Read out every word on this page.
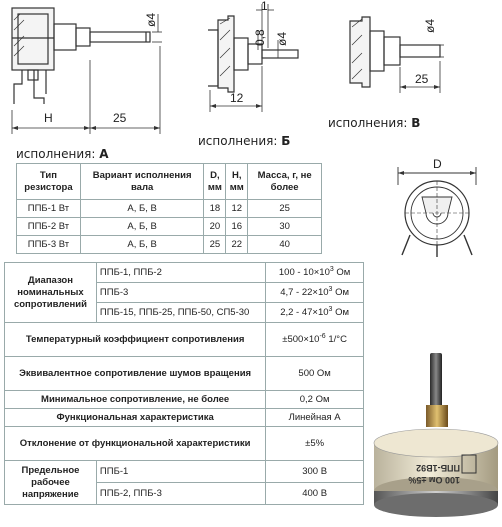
H	25
ø4
1
0,8 ø4
12
ø4
25
исполнения: Б
исполнения: В
исполнения: А
D
Тип резистора	Вариант исполнения вала	D, мм	H, мм	Масса, г, не более
ППБ-1 Вт	А, Б, В	18	12	25
ППБ-2 Вт	А, Б, В	20	16	30
ППБ-3 Вт	А, Б, В	25	22	40
Диапазон номинальных сопротивлений	ППБ-1, ППБ-2	$100 - 10\times 10^3$ Ом
	ППБ-3	$4,7 - 22\times 10^3$ Ом
	ППБ-15, ППБ-25, ППБ-50, СП5-30	$2,2 - 47\times 10^3$ Ом
Температурный коэффициент сопротивления		$\pm 500\times 10^{-6}$ 1/°С
Эквивалентное сопротивление шумов вращения		500 Ом
Минимальное сопротивление, не более		0,2 Ом
Функциональная характеристика		Линейная А
Отклонение от функциональной характеристики		±5%
Предельное рабочее напряжение	ППБ-1	300 В
	ППБ-2, ППБ-3	400 В
ППБ-1В92
100 Ом ±5%
